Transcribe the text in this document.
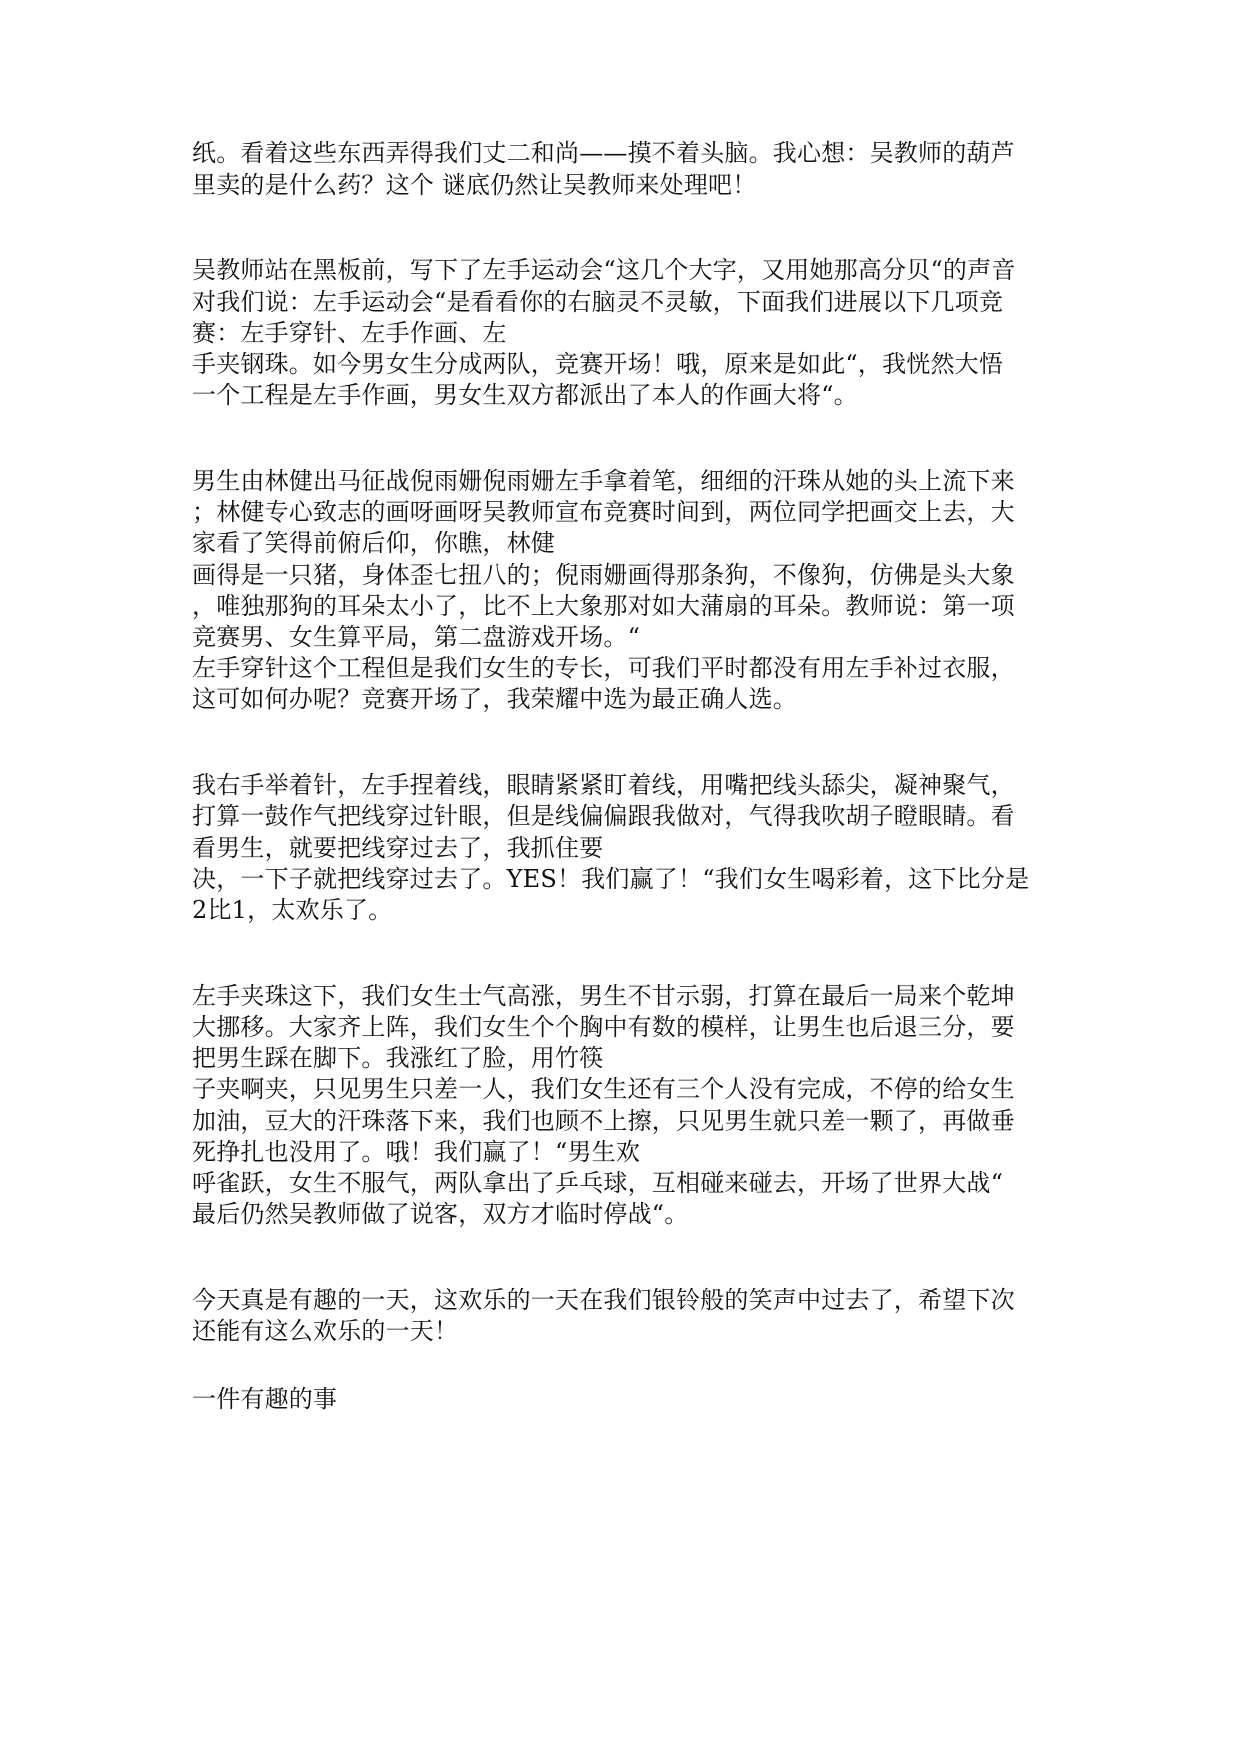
纸。看着这些东西弄得我们丈二和尚——摸不着头脑。我心想：吴教师的葫芦
里卖的是什么药？这个 谜底仍然让吴教师来处理吧！
吴教师站在黑板前，写下了左手运动会“这几个大字，又用她那高分贝“的声音
对我们说：左手运动会“是看看你的右脑灵不灵敏，下面我们进展以下几项竞
赛：左手穿针、左手作画、左
手夹钢珠。如今男女生分成两队，竞赛开场！哦，原来是如此“，我恍然大悟
一个工程是左手作画，男女生双方都派出了本人的作画大将“。
男生由林健出马征战倪雨姗倪雨姗左手拿着笔，细细的汗珠从她的头上流下来
；林健专心致志的画呀画呀吴教师宣布竞赛时间到，两位同学把画交上去，大
家看了笑得前俯后仰，你瞧，林健
画得是一只猪，身体歪七扭八的；倪雨姗画得那条狗，不像狗，仿佛是头大象
，唯独那狗的耳朵太小了，比不上大象那对如大蒲扇的耳朵。教师说：第一项
竞赛男、女生算平局，第二盘游戏开场。“
左手穿针这个工程但是我们女生的专长，可我们平时都没有用左手补过衣服，
这可如何办呢？竞赛开场了，我荣耀中选为最正确人选。
我右手举着针，左手捏着线，眼睛紧紧盯着线，用嘴把线头舔尖，凝神聚气，
打算一鼓作气把线穿过针眼，但是线偏偏跟我做对，气得我吹胡子瞪眼睛。看
看男生，就要把线穿过去了，我抓住要
决，一下子就把线穿过去了。YES！我们赢了！“我们女生喝彩着，这下比分是
2比1，太欢乐了。
左手夹珠这下，我们女生士气高涨，男生不甘示弱，打算在最后一局来个乾坤
大挪移。大家齐上阵，我们女生个个胸中有数的模样，让男生也后退三分，要
把男生踩在脚下。我涨红了脸，用竹筷
子夹啊夹，只见男生只差一人，我们女生还有三个人没有完成，不停的给女生
加油，豆大的汗珠落下来，我们也顾不上擦，只见男生就只差一颗了，再做垂
死挣扎也没用了。哦！我们赢了！“男生欢
呼雀跃，女生不服气，两队拿出了乒乓球，互相碰来碰去，开场了世界大战“
最后仍然吴教师做了说客，双方才临时停战“。
今天真是有趣的一天，这欢乐的一天在我们银铃般的笑声中过去了，希望下次
还能有这么欢乐的一天！
一件有趣的事
